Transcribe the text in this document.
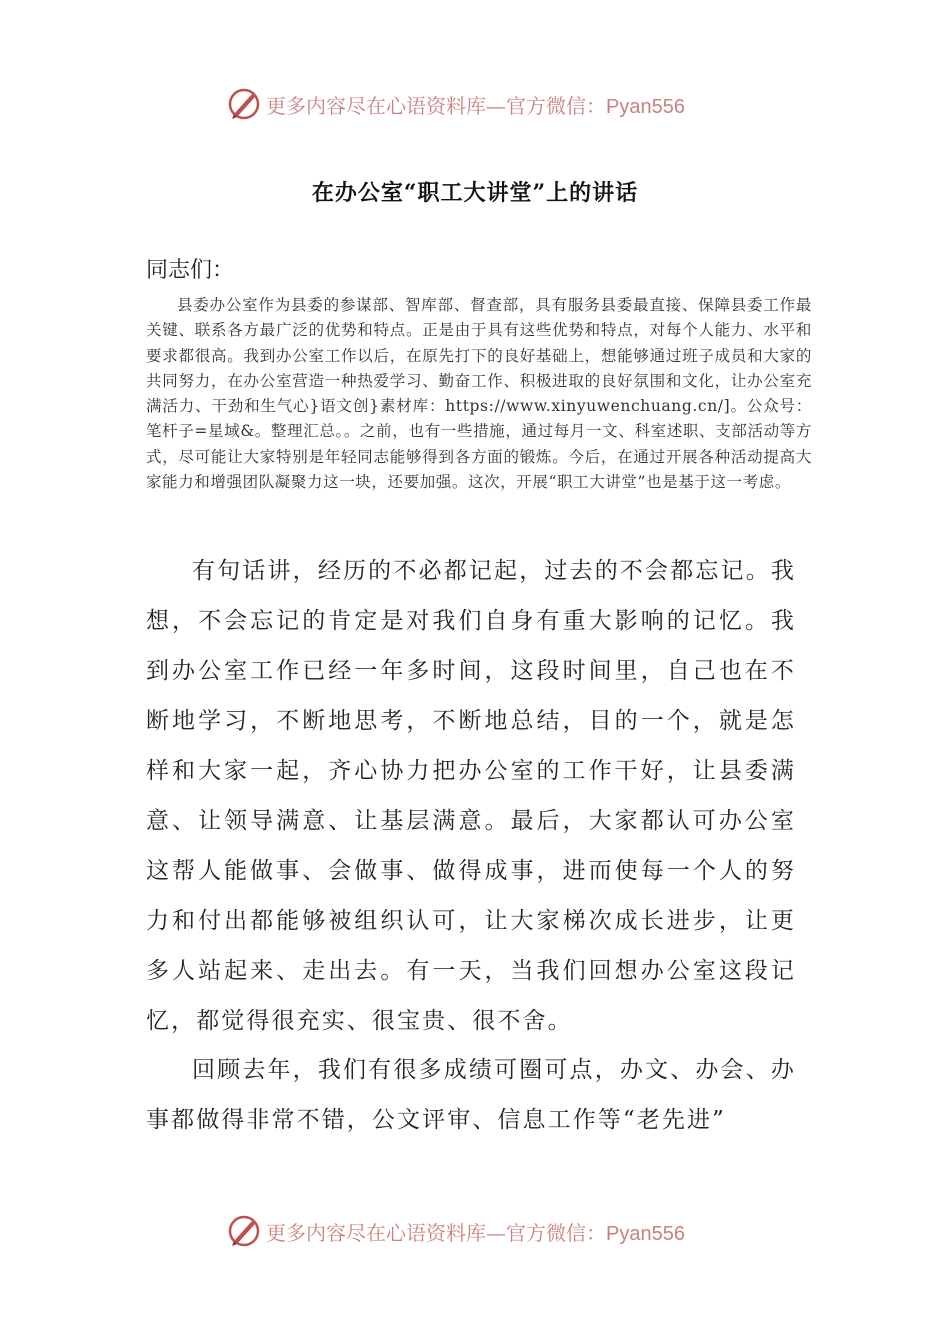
更多内容尽在心语资料库—官方微信：Pyan556
在办公室“职工大讲堂”上的讲话
同志们：

县委办公室作为县委的参谋部、智库部、督查部，具有服务县委最直接、保障县委工作最关键、联系各方最广泛的优势和特点。正是由于具有这些优势和特点，对每个人能力、水平和要求都很高。我到办公室工作以后，在原先打下的良好基础上，想能够通过班子成员和大家的共同努力，在办公室营造一种热爱学习、勤奋工作、积极进取的良好氛围和文化，让办公室充满活力、干劲和生气心}语文创}素材库：https://www.xinyuwenchuang.cn/]。公众号：笔杆子=星域&。整理汇总。。之前，也有一些措施，通过每月一文、科室述职、支部活动等方式，尽可能让大家特别是年轻同志能够得到各方面的锻炼。今后，在通过开展各种活动提高大家能力和增强团队凝聚力这一块，还要加强。这次，开展“职工大讲堂”也是基于这一考虑。

有句话讲，经历的不必都记起，过去的不会都忘记。我想，不会忘记的肯定是对我们自身有重大影响的记忆。我到办公室工作已经一年多时间，这段时间里，自己也在不断地学习，不断地思考，不断地总结，目的一个，就是怎样和大家一起，齐心协力把办公室的工作干好，让县委满意、让领导满意、让基层满意。最后，大家都认可办公室这帮人能做事、会做事、做得成事，进而使每一个人的努力和付出都能够被组织认可，让大家梯次成长进步，让更多人站起来、走出去。有一天，当我们回想办公室这段记忆，都觉得很充实、很宝贵、很不舍。

回顾去年，我们有很多成绩可圈可点，办文、办会、办事都做得非常不错，公文评审、信息工作等“老先进”

更多内容尽在心语资料库—官方微信：Pyan556
